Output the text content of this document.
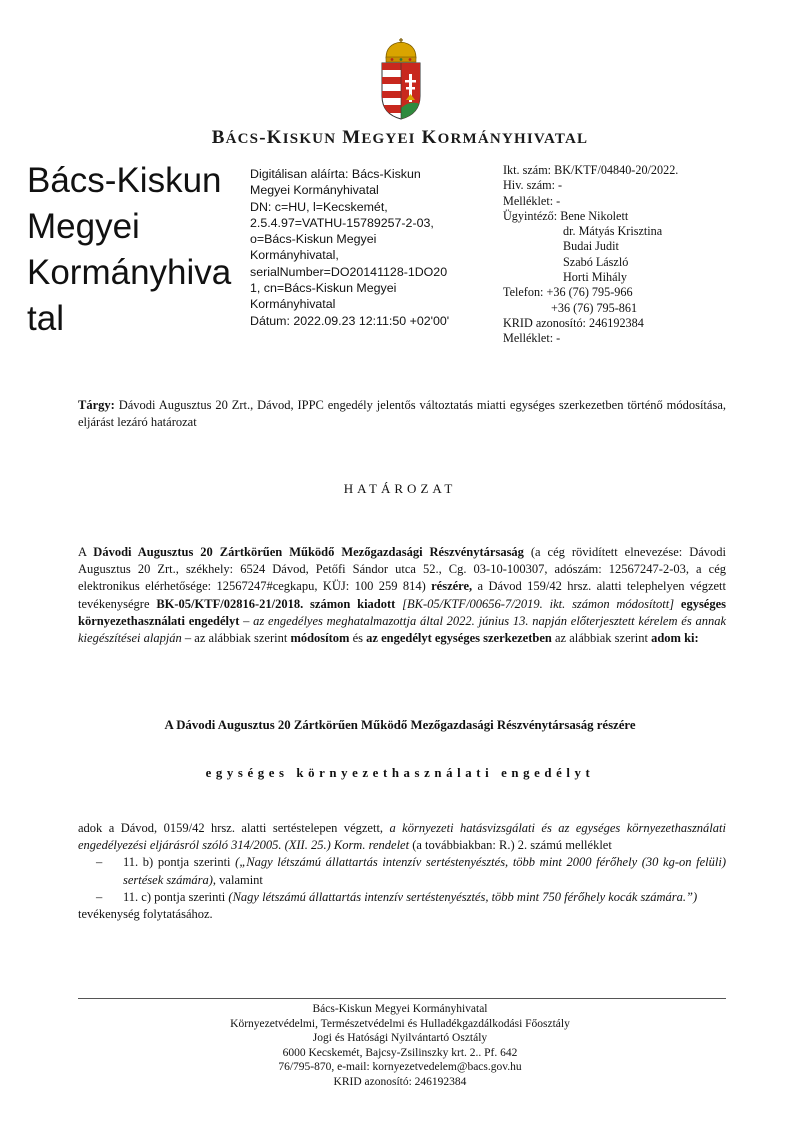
BÁCS-KISKUN MEGYEI KORMÁNYHIVATAL
Bács-Kiskun
Megyei
Kormányhiva
tal
Digitálisan aláírta: Bács-Kiskun
Megyei Kormányhivatal
DN: c=HU, l=Kecskemét,
2.5.4.97=VATHU-15789257-2-03,
o=Bács-Kiskun Megyei
Kormányhivatal,
serialNumber=DO20141128-1DO20
1, cn=Bács-Kiskun Megyei
Kormányhivatal
Dátum: 2022.09.23 12:11:50 +02'00'
Ikt. szám: BK/KTF/04840-20/2022.
Hiv. szám: -
Melléklet: -
Ügyintéző: Bene Nikolett
dr. Mátyás Krisztina
Budai Judit
Szabó László
Horti Mihály
Telefon: +36 (76) 795-966
+36 (76) 795-861
KRID azonosító: 246192384
Melléklet: -
Tárgy: Dávodi Augusztus 20 Zrt., Dávod, IPPC engedély jelentős változtatás miatti egységes szerkezetben történő módosítása, eljárást lezáró határozat
HATÁROZAT
A Dávodi Augusztus 20 Zártkörűen Működő Mezőgazdasági Részvénytársaság (a cég rövidített elnevezése: Dávodi Augusztus 20 Zrt., székhely: 6524 Dávod, Petőfi Sándor utca 52., Cg. 03-10-100307, adószám: 12567247-2-03, a cég elektronikus elérhetősége: 12567247#cegkapu, KÜJ: 100 259 814) részére, a Dávod 159/42 hrsz. alatti telephelyen végzett tevékenységre BK-05/KTF/02816-21/2018. számon kiadott [BK-05/KTF/00656-7/2019. ikt. számon módosított] egységes környezethasználati engedélyt – az engedélyes meghatalmazottja által 2022. június 13. napján előterjesztett kérelem és annak kiegészítései alapján – az alábbiak szerint módosítom és az engedélyt egységes szerkezetben az alábbiak szerint adom ki:
A Dávodi Augusztus 20 Zártkörűen Működő Mezőgazdasági Részvénytársaság részére
egységes környezethasználati engedélyt
adok a Dávod, 0159/42 hrsz. alatti sertéstelepen végzett, a környezeti hatásvizsgálati és az egységes környezethasználati engedélyezési eljárásról szóló 314/2005. (XII. 25.) Korm. rendelet (a továbbiakban: R.) 2. számú melléklet
– 11. b) pontja szerinti („Nagy létszámú állattartás intenzív sertéstenyésztés, több mint 2000 férőhely (30 kg-on felüli) sertések számára), valamint
– 11. c) pontja szerinti (Nagy létszámú állattartás intenzív sertéstenyésztés, több mint 750 férőhely kocák számára.”)
tevékenység folytatásához.
Bács-Kiskun Megyei Kormányhivatal
Környezetvédelmi, Természetvédelmi és Hulladékgazdálkodási Főosztály
Jogi és Hatósági Nyilvántartó Osztály
6000 Kecskemét, Bajcsy-Zsilinszky krt. 2.. Pf. 642
76/795-870, e-mail: kornyezetvedelem@bacs.gov.hu
KRID azonosító: 246192384
